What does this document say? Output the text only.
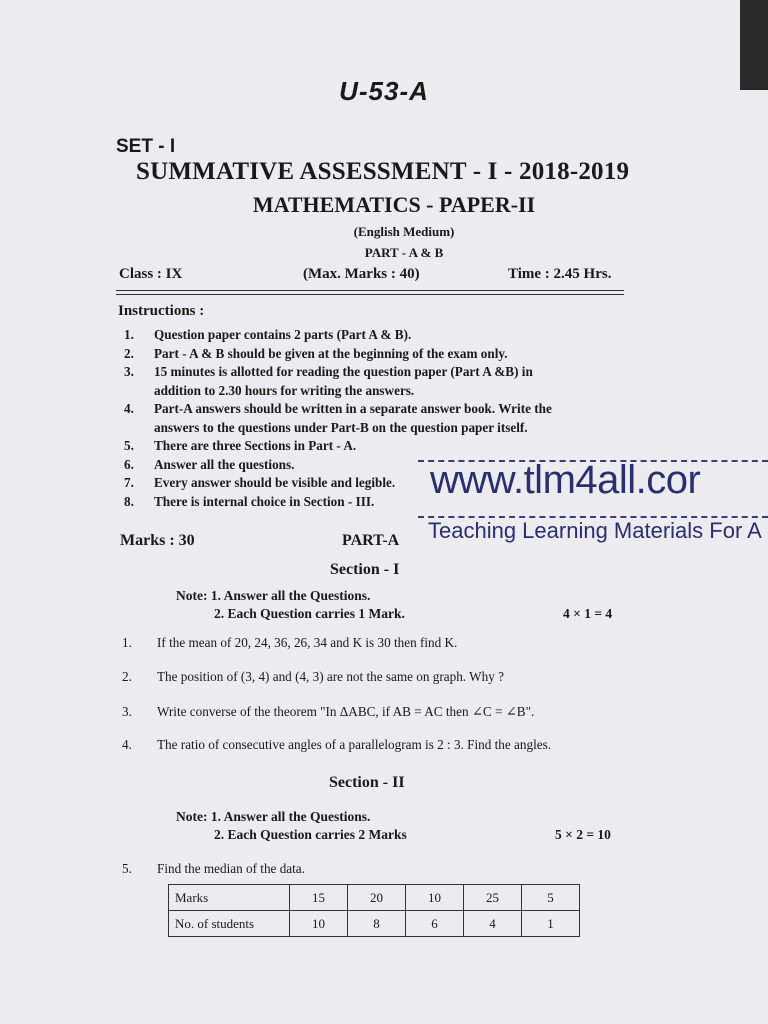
U-53-A
SET - I
SUMMATIVE ASSESSMENT - I - 2018-2019
MATHEMATICS - PAPER-II
(English Medium)
PART - A & B
Class : IX	(Max. Marks : 40)	Time : 2.45 Hrs.
Instructions :
1.	Question paper contains 2 parts (Part A & B).
2.	Part - A & B should be given at the beginning of the exam only.
3.	15 minutes is allotted for reading the question paper (Part A &B) in
addition to 2.30 hours for writing the answers.
4.	Part-A answers should be written in a separate answer book. Write the
answers to the questions under Part-B on the question paper itself.
5.	There are three Sections in Part - A.
6.	Answer all the questions.
7.	Every answer should be visible and legible.
8.	There is internal choice in Section - III. www.tlm4all.cor
Teaching Learning Materials For A
Marks : 30	PART-A
Section - I
Note: 1. Answer all the Questions.
2. Each Question carries 1 Mark.	4 × 1 = 4
1. If the mean of 20, 24, 36, 26, 34 and K is 30 then find K.
2. The position of (3, 4) and (4, 3) are not the same on graph. Why ?
3. Write converse of the theorem "In ΔABC, if AB = AC then ∠C = ∠B".
4. The ratio of consecutive angles of a parallelogram is 2 : 3. Find the angles.
Section - II
Note: 1. Answer all the Questions.
2. Each Question carries 2 Marks	5 × 2 = 10
5. Find the median of the data.
Marks	15	20	10	25	5
No. of students	10	8	6	4	1
